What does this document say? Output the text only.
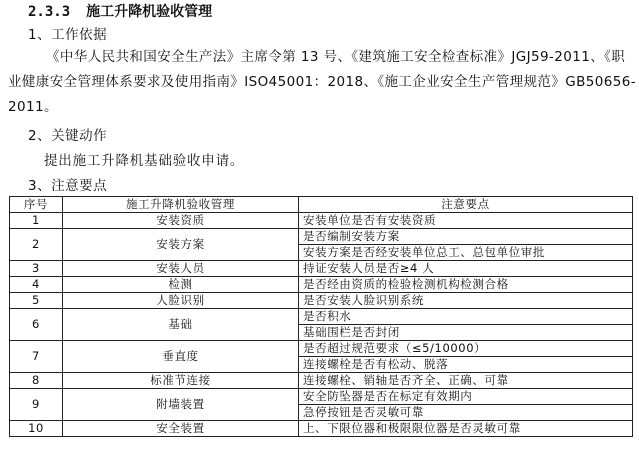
2.3.3 施工升降机验收管理
1、工作依据
《中华人民共和国安全生产法》主席令第 13 号、《建筑施工安全检查标准》JGJ59-2011、《职业健康安全管理体系要求及使用指南》ISO45001：2018、《施工企业安全生产管理规范》GB50656-2011。
2、关键动作
提出施工升降机基础验收申请。
3、注意要点
序号	施工升降机验收管理	注意要点
1	安装资质	安装单位是否有安装资质
2	安装方案	是否编制安装方案
		安装方案是否经安装单位总工、总包单位审批
3	安装人员	持证安装人员是否≥4 人
4	检测	是否经由资质的检验检测机构检测合格
5	人脸识别	是否安装人脸识别系统
6	基础	是否积水
		基础围栏是否封闭
7	垂直度	是否超过规范要求（≤5/10000）
		连接螺栓是否有松动、脱落
8	标准节连接	连接螺栓、销轴是否齐全、正确、可靠
9	附墙装置	安全防坠器是否在标定有效期内
		急停按钮是否灵敏可靠
10	安全装置	上、下限位器和极限限位器是否灵敏可靠
